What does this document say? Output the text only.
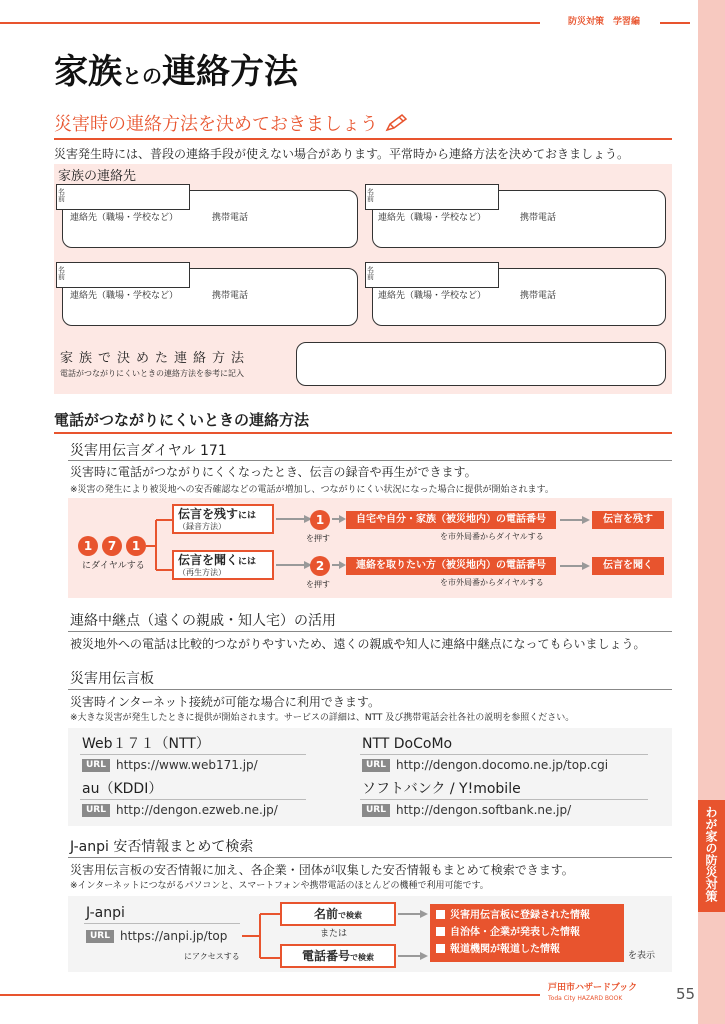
防災対策　学習編
わが家の防災対策
家族との連絡方法
災害時の連絡方法を決めておきましょう
災害発生時には、普段の連絡手段が使えない場合があります。平常時から連絡方法を決めておきましょう。
家族の連絡先
名前
連絡先（職場・学校など）	携帯電話
名前
連絡先（職場・学校など）	携帯電話
名前
連絡先（職場・学校など）	携帯電話
名前
連絡先（職場・学校など）	携帯電話
家族で決めた連絡方法
電話がつながりにくいときの連絡方法を参考に記入
電話がつながりにくいときの連絡方法
災害用伝言ダイヤル 171
災害時に電話がつながりにくくなったとき、伝言の録音や再生ができます。
※災害の発生により被災地への安否確認などの電話が増加し、つながりにくい状況になった場合に提供が開始されます。
1	7	1
にダイヤルする
伝言を残すには
（録音方法）	1
を押す
自宅や自分・家族（被災地内）の電話番号
を市外局番からダイヤルする
伝言を残す
伝言を聞くには
（再生方法）	2
を押す
連絡を取りたい方（被災地内）の電話番号
を市外局番からダイヤルする
伝言を聞く
連絡中継点（遠くの親戚・知人宅）の活用
被災地外への電話は比較的つながりやすいため、遠くの親戚や知人に連絡中継点になってもらいましょう。
災害用伝言板
災害時インターネット接続が可能な場合に利用できます。
※大きな災害が発生したときに提供が開始されます。サービスの詳細は、NTT 及び携帯電話会社各社の説明を参照ください。
Web１７１（NTT）
URL https://www.web171.jp/
NTT DoCoMo
URL http://dengon.docomo.ne.jp/top.cgi
au（KDDI）
URL http://dengon.ezweb.ne.jp/
ソフトバンク / Y!mobile
URL http://dengon.softbank.ne.jp/
J-anpi 安否情報まとめて検索
災害用伝言板の安否情報に加え、各企業・団体が収集した安否情報もまとめて検索できます。
※インターネットにつながるパソコンと、スマートフォンや携帯電話のほとんどの機種で利用可能です。
J-anpi
URL https://anpi.jp/top
にアクセスする
名前で検索
または
電話番号で検索
災害用伝言板に登録された情報
自治体・企業が発表した情報
報道機関が報道した情報
を表示
戸田市ハザードブック
Toda City HAZARD BOOK	55
